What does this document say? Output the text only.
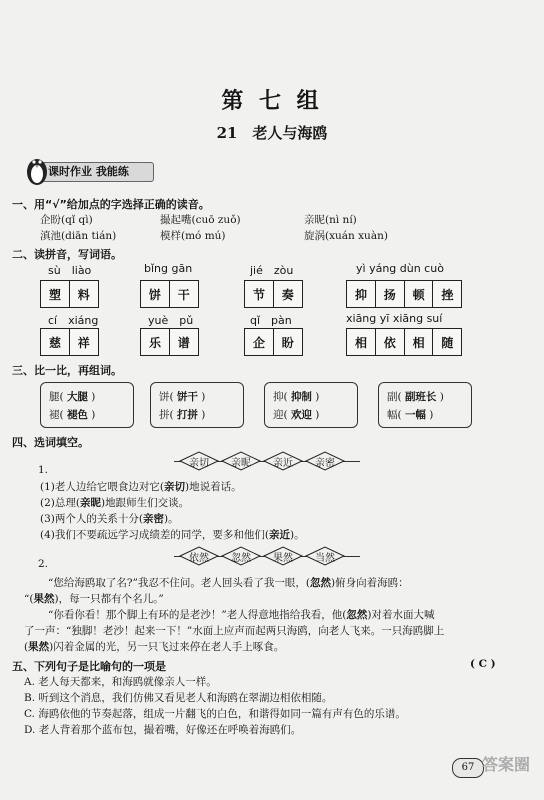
第 七 组
21　老人与海鸥
课时作业 我能练
一、用“√”给加点的字选择正确的读音。
企盼(qǐ qì)	撮起嘴(cuō zuǒ)	亲昵(nì ní)
滇池(diān tián)	模样(mó mú)	旋涡(xuán xuàn)
二、读拼音，写词语。
sù　liào	bǐng gān	jié　zòu	yì yáng dùn cuò
塑	料	饼	干	节	奏	抑	扬	顿	挫
cí　xiáng	yuè　pǔ	qǐ　pàn	xiāng yī xiāng suí
慈	祥	乐	谱	企	盼	相	依	相	随
三、比一比，再组词。
腿( 大腿 )
褪( 褪色 )
饼( 饼干 )
拼( 打拼 )
抑( 抑制 )
迎( 欢迎 )
副( 副班长 )
幅( 一幅 )
四、选词填空。
亲切	亲昵	亲近	亲密
1.
(1)老人边给它喂食边对它(亲切)地说着话。
(2)总理(亲昵)地跟师生们交谈。
(3)两个人的关系十分(亲密)。
(4)我们不要疏远学习成绩差的同学，要多和他们(亲近)。
依然	忽然	果然	当然
2.
“您给海鸥取了名?”我忍不住问。老人回头看了我一眼，(忽然)俯身向着海鸥：
“(果然)，每一只都有个名儿。”
“你看你看！那个脚上有环的是老沙！”老人得意地指给我看，他(忽然)对着水面大喊
了一声：“独脚！老沙！起来一下！”水面上应声而起两只海鸥，向老人飞来。一只海鸥脚上
(果然)闪着金属的光，另一只飞过来停在老人手上啄食。
五、下列句子是比喻句的一项是	( C )
A. 老人每天都来，和海鸥就像亲人一样。
B. 听到这个消息，我们仿佛又看见老人和海鸥在翠湖边相依相随。
C. 海鸥依他的节奏起落，组成一片翻飞的白色，和谐得如同一篇有声有色的乐谱。
D. 老人背着那个蓝布包，撮着嘴，好像还在呼唤着海鸥们。
67 答案圈
